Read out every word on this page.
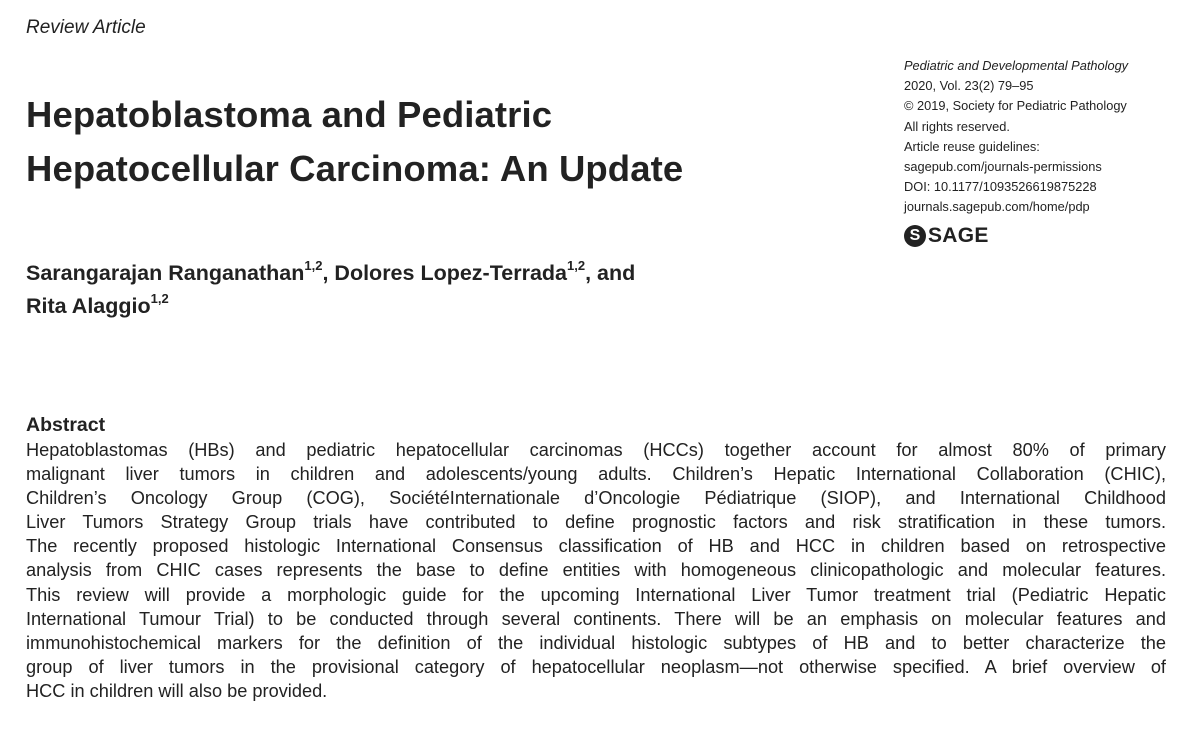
Review Article
Hepatoblastoma and Pediatric
Hepatocellular Carcinoma: An Update
Pediatric and Developmental Pathology
2020, Vol. 23(2) 79–95
© 2019, Society for Pediatric Pathology
All rights reserved.
Article reuse guidelines:
sagepub.com/journals-permissions
DOI: 10.1177/1093526619875228
journals.sagepub.com/home/pdp
S
SAGE
Sarangarajan Ranganathan$^{1,2}$, Dolores Lopez-Terrada$^{1,2}$, and
Rita Alaggio$^{1,2}$
Abstract
Hepatoblastomas (HBs) and pediatric hepatocellular carcinomas (HCCs) together account for almost 80% of primary
malignant liver tumors in children and adolescents/young adults. Children’s Hepatic International Collaboration (CHIC),
Children’s Oncology Group (COG), SociétéInternationale d’Oncologie Pédiatrique (SIOP), and International Childhood
Liver Tumors Strategy Group trials have contributed to define prognostic factors and risk stratification in these tumors.
The recently proposed histologic International Consensus classification of HB and HCC in children based on retrospective
analysis from CHIC cases represents the base to define entities with homogeneous clinicopathologic and molecular features.
This review will provide a morphologic guide for the upcoming International Liver Tumor treatment trial (Pediatric Hepatic
International Tumour Trial) to be conducted through several continents. There will be an emphasis on molecular features and
immunohistochemical markers for the definition of the individual histologic subtypes of HB and to better characterize the
group of liver tumors in the provisional category of hepatocellular neoplasm—not otherwise specified. A brief overview of
HCC in children will also be provided.
